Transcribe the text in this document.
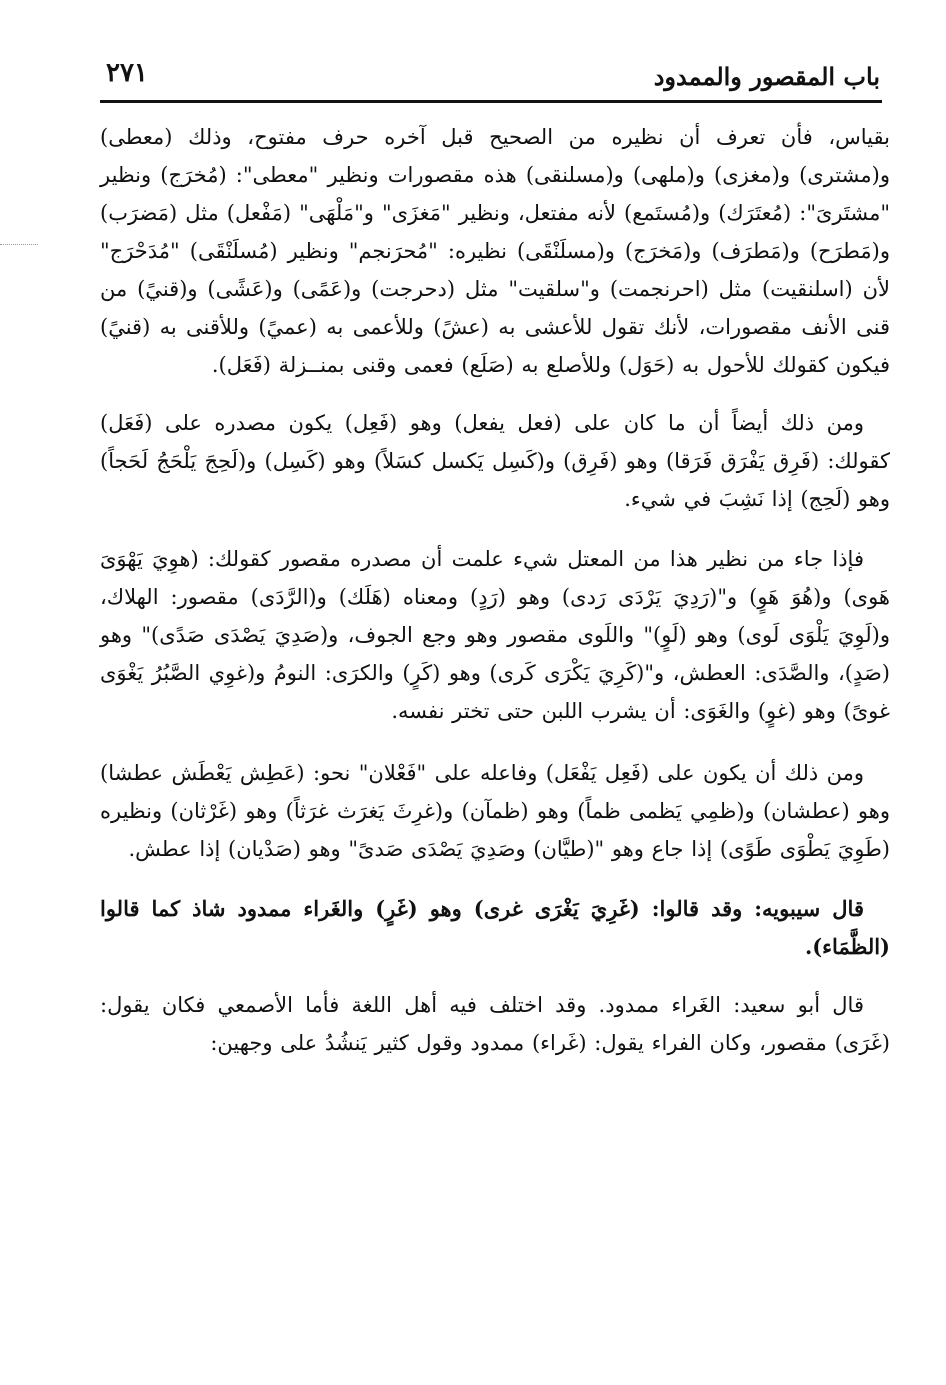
باب المقصور والممدود
٢٧١

بقياس، فأن تعرف أن نظيره من الصحيح قبل آخره حرف مفتوح، وذلك (معطى) و(مشترى) و(مغزى) و(ملهى) و(مسلنقى) هذه مقصورات ونظير "معطى": (مُخرَج) ونظير "مشتَرىَ": (مُعتَرَك) و(مُستَمع) لأنه مفتعل، ونظير "مَغزَى" و"مَلْهَى" (مَفْعل) مثل (مَضرَب) و(مَطرَح) و(مَطرَف) و(مَخرَج) و(مسلَنْقَى) نظيره: "مُحرَنجم" ونظير (مُسلَنْقَى) "مُدَحْرَج" لأن (اسلنقيت) مثل (احرنجمت) و"سلقيت" مثل (دحرجت) و(عَمًى) و(عَشًى) و(قنيً) من قنى الأنف مقصورات، لأنك تقول للأعشى به (عشً) وللأعمى به (عميً) وللأقنى به (قنيً) فيكون كقولك للأحول به (حَوَل) وللأصلع به (صَلَع) فعمى وقنى بمنــزلة (فَعَل).

ومن ذلك أيضاً أن ما كان على (فعل يفعل) وهو (فَعِل) يكون مصدره على (فَعَل) كقولك: (فَرِق يَفْرَق فَرَقا) وهو (فَرِق) و(كَسِل يَكسل كسَلاً) وهو (كَسِل) و(لَحِجَ يَلْحَجُ لَحَجاً) وهو (لَحِج) إذا نَشِبَ في شيء.

فإذا جاء من نظير هذا من المعتل شيء علمت أن مصدره مقصور كقولك: (هوِيَ يَهْوَىَ هَوى) و(هُوَ هَوٍ) و"(رَدِيَ يَرْدَى رَدى) وهو (رَدٍ) ومعناه (هَلَك) و(الرَّدَى) مقصور: الهلاك، و(لَوِيَ يَلْوَى لَوى) وهو (لَوٍ)" واللَوى مقصور وهو وجع الجوف، و(صَدِيَ يَصْدَى صَدًى)" وهو (صَدٍ)، والصَّدَى: العطش، و"(كَرِيَ يَكْرَى كَرى) وهو (كَرٍ) والكرَى: النومُ و(غوِي الصَّبُرُ يَغْوَى غوىً) وهو (غوٍ) والغَوَى: أن يشرب اللبن حتى تختر نفسه.

ومن ذلك أن يكون على (فَعِل يَفْعَل) وفاعله على "فَعْلان" نحو: (عَطِش يَعْطَش عطشا) وهو (عطشان) و(ظمِي يَظمى ظماً) وهو (ظمآن) و(غرِثَ يَغرَث غرَثاً) وهو (غَرْثان) ونظيره (طَوِيَ يَطْوَى طَوًى) إذا جاع وهو "(طيَّان) وصَدِيَ يَصْدَى صَدىً" وهو (صَدْيان) إذا عطش.

قال سيبويه: وقد قالوا: (غَرِيَ يَغْرَى غرى) وهو (غَرٍ) والغَراء ممدود شاذ كما قالوا (الظَّمَاء).

قال أبو سعيد: الغَراء ممدود. وقد اختلف فيه أهل اللغة فأما الأصمعي فكان يقول: (غَرَى) مقصور، وكان الفراء يقول: (غَراء) ممدود وقول كثير يَنشُدُ على وجهين:
